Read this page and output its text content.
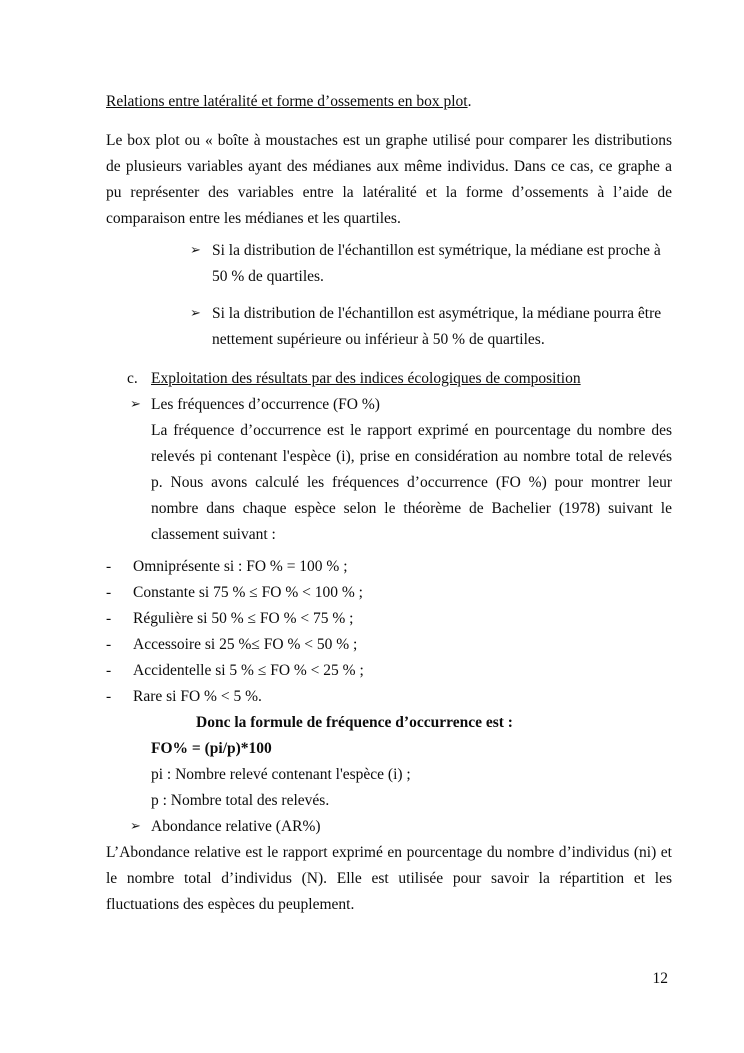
Relations entre latéralité et forme d’ossements en box plot.

Le box plot ou « boîte à moustaches est un graphe utilisé pour comparer les distributions de plusieurs variables ayant des médianes aux même individus. Dans ce cas, ce graphe a pu représenter des variables entre la latéralité et la forme d’ossements à l’aide de comparaison entre les médianes et les quartiles.

➢ Si la distribution de l'échantillon est symétrique, la médiane est proche à 50 % de quartiles.
➢ Si la distribution de l'échantillon est asymétrique, la médiane pourra être nettement supérieure ou inférieur à 50 % de quartiles.
c. Exploitation des résultats par des indices écologiques de composition
➢ Les fréquences d’occurrence (FO %)

La fréquence d’occurrence est le rapport exprimé en pourcentage du nombre des relevés pi contenant l'espèce (i), prise en considération au nombre total de relevés p. Nous avons calculé les fréquences d’occurrence (FO %) pour montrer leur nombre dans chaque espèce selon le théorème de Bachelier (1978) suivant le classement suivant :

- Omniprésente si : FO % = 100 % ;
- Constante si 75 % ≤ FO % < 100 % ;
- Régulière si 50 % ≤ FO % < 75 % ;
- Accessoire si 25 %≤ FO % < 50 % ;
- Accidentelle si 5 % ≤ FO % < 25 % ;
- Rare si FO % < 5 %.

Donc la formule de fréquence d’occurrence est :

FO% = (pi/p)*100

pi : Nombre relevé contenant l'espèce (i) ;

p : Nombre total des relevés.

➢ Abondance relative (AR%)

L’Abondance relative est le rapport exprimé en pourcentage du nombre d’individus (ni) et le nombre total d’individus (N). Elle est utilisée pour savoir la répartition et les fluctuations des espèces du peuplement.

12
